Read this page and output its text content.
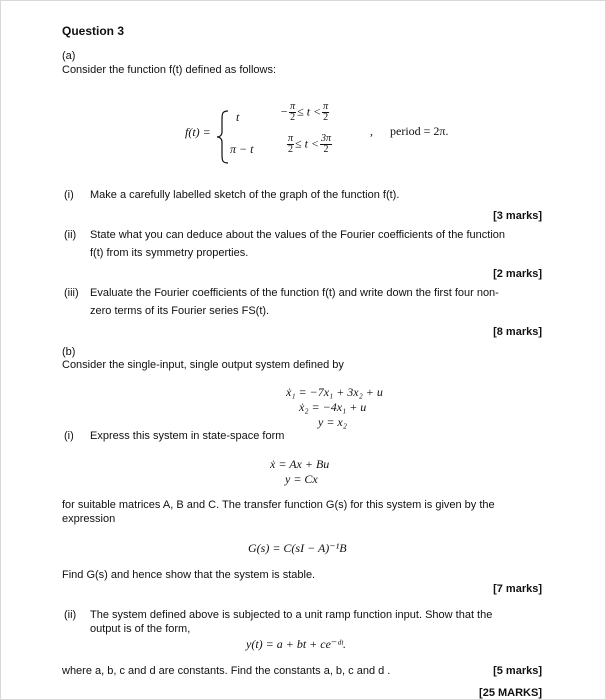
Question 3
(a)
Consider the function f(t) defined as follows:
f(t) =
t
π − t
− $\frac{\pi}{2} \le t < \frac{\pi}{2}$
$\frac{\pi}{2} \le t < \frac{3\pi}{2}$
, period = 2π.
(i) Make a carefully labelled sketch of the graph of the function f(t).
[3 marks]
(ii) State what you can deduce about the values of the Fourier coefficients of the function
f(t) from its symmetry properties.
[2 marks]
(iii) Evaluate the Fourier coefficients of the function f(t) and write down the first four non-
zero terms of its Fourier series FS(t).
[8 marks]
(b)
Consider the single-input, single output system defined by
ẋ₁ = −7x₁ + 3x₂ + u
ẋ₂ = −4x₁ + u
y = x₂
(i) Express this system in state-space form
ẋ = Ax + Bu
y = Cx
for suitable matrices A, B and C. The transfer function G(s) for this system is given by the
expression
G(s) = C(sI − A)⁻¹B
Find G(s) and hence show that the system is stable.
[7 marks]
(ii) The system defined above is subjected to a unit ramp function input. Show that the
output is of the form,
y(t) = a + bt + ce⁻ᵈᵗ.
where a, b, c and d are constants. Find the constants a, b, c and d .	[5 marks]
[25 MARKS]
